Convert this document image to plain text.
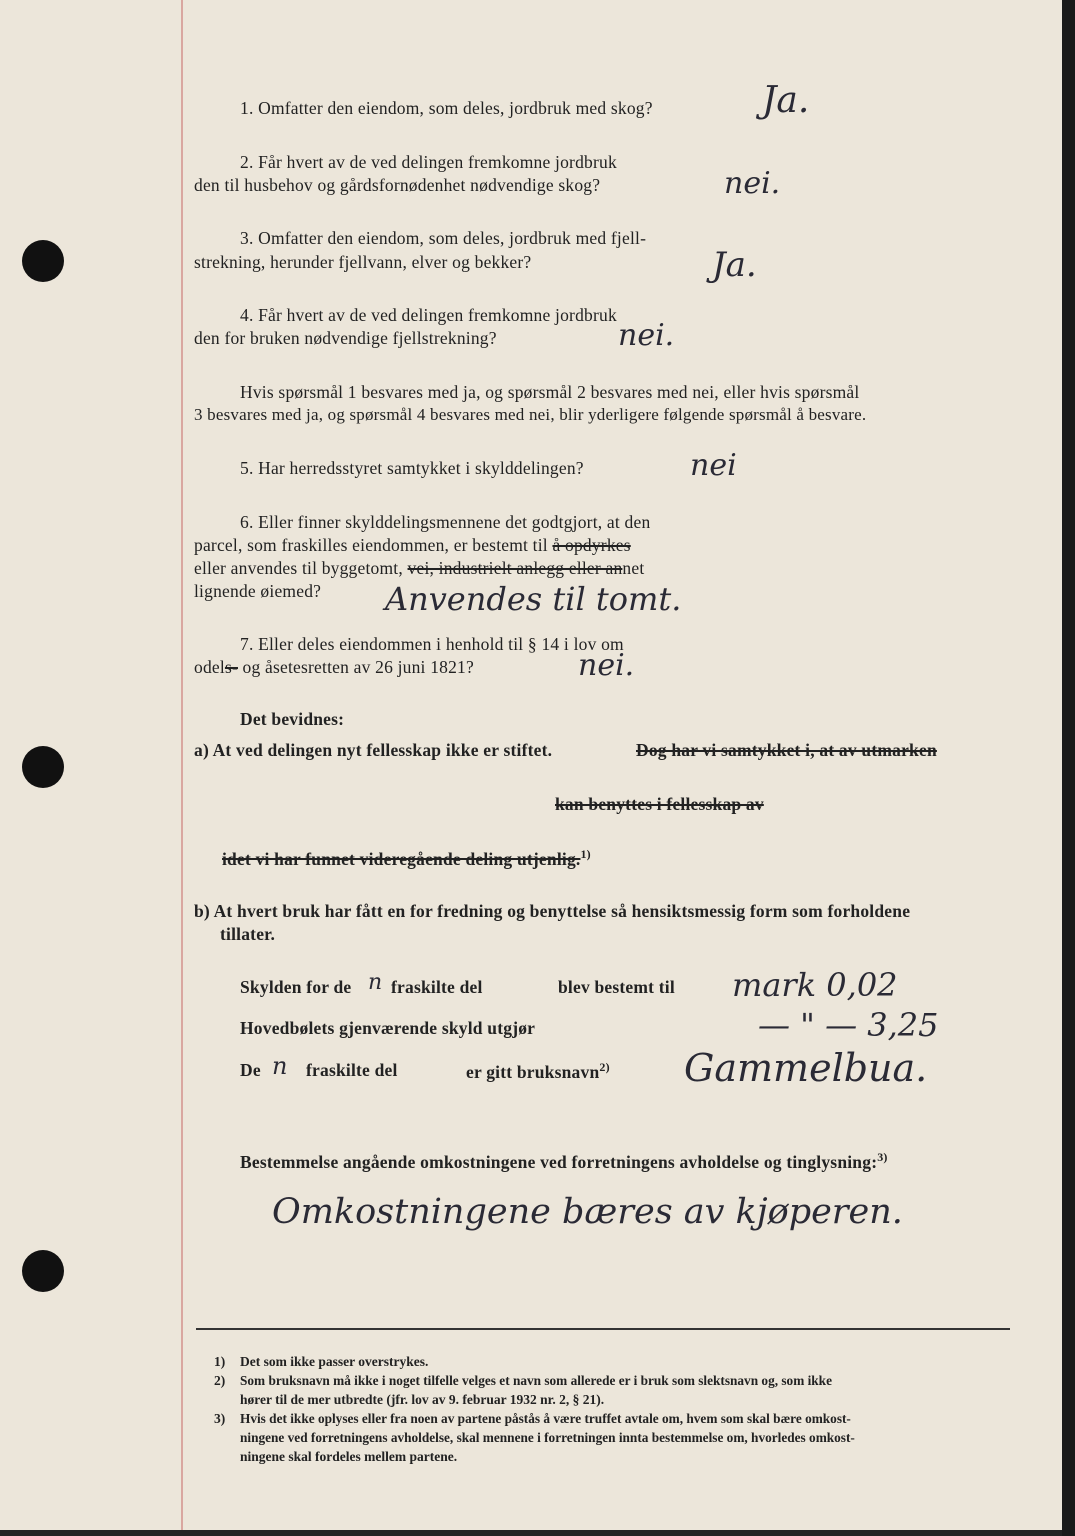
1. Omfatter den eiendom, som deles, jordbruk med skog?	Ja.
2. Får hvert av de ved delingen fremkomne jordbruk
den til husbehov og gårdsfornødenhet nødvendige skog?	nei.
3. Omfatter den eiendom, som deles, jordbruk med fjell-
strekning, herunder fjellvann, elver og bekker?	Ja.
4. Får hvert av de ved delingen fremkomne jordbruk
den for bruken nødvendige fjellstrekning?	nei.
Hvis spørsmål 1 besvares med ja, og spørsmål 2 besvares med nei, eller hvis spørsmål
3 besvares med ja, og spørsmål 4 besvares med nei, blir yderligere følgende spørsmål å besvare.
5. Har herredsstyret samtykket i skylddelingen?	nei
6. Eller finner skylddelingsmennene det godtgjort, at den
parcel, som fraskilles eiendommen, er bestemt til å opdyrkes
eller anvendes til byggetomt, vei, industrielt anlegg eller annet
lignende øiemed? Anvendes til tomt.
7. Eller deles eiendommen i henhold til § 14 i lov om
odels- og åsetesretten av 26 juni 1821?	nei.
Det bevidnes:
a) At ved delingen nyt fellesskap ikke er stiftet.	Dog har vi samtykket i, at av utmarken
kan benyttes i fellesskap av
idet vi har funnet videregående deling utjenlig.$^{1)}$
b) At hvert bruk har fått en for fredning og benyttelse så hensiktsmessig form som forholdene
tillater.
Skylden for de n fraskilte del	blev bestemt til mark 0,02
Hovedbølets gjenværende skyld utgjør	— " — 3,25
De n fraskilte del	er gitt bruksnavn$^{2)}$ Gammelbua.
Bestemmelse angående omkostningene ved forretningens avholdelse og tinglysning:$^{3)}$
Omkostningene bæres av kjøperen.
1) Det som ikke passer overstrykes.
2) Som bruksnavn må ikke i noget tilfelle velges et navn som allerede er i bruk som slektsnavn og, som ikke
hører til de mer utbredte (jfr. lov av 9. februar 1932 nr. 2, § 21).
3) Hvis det ikke oplyses eller fra noen av partene påstås å være truffet avtale om, hvem som skal bære omkost-
ningene ved forretningens avholdelse, skal mennene i forretningen innta bestemmelse om, hvorledes omkost-
ningene skal fordeles mellem partene.
